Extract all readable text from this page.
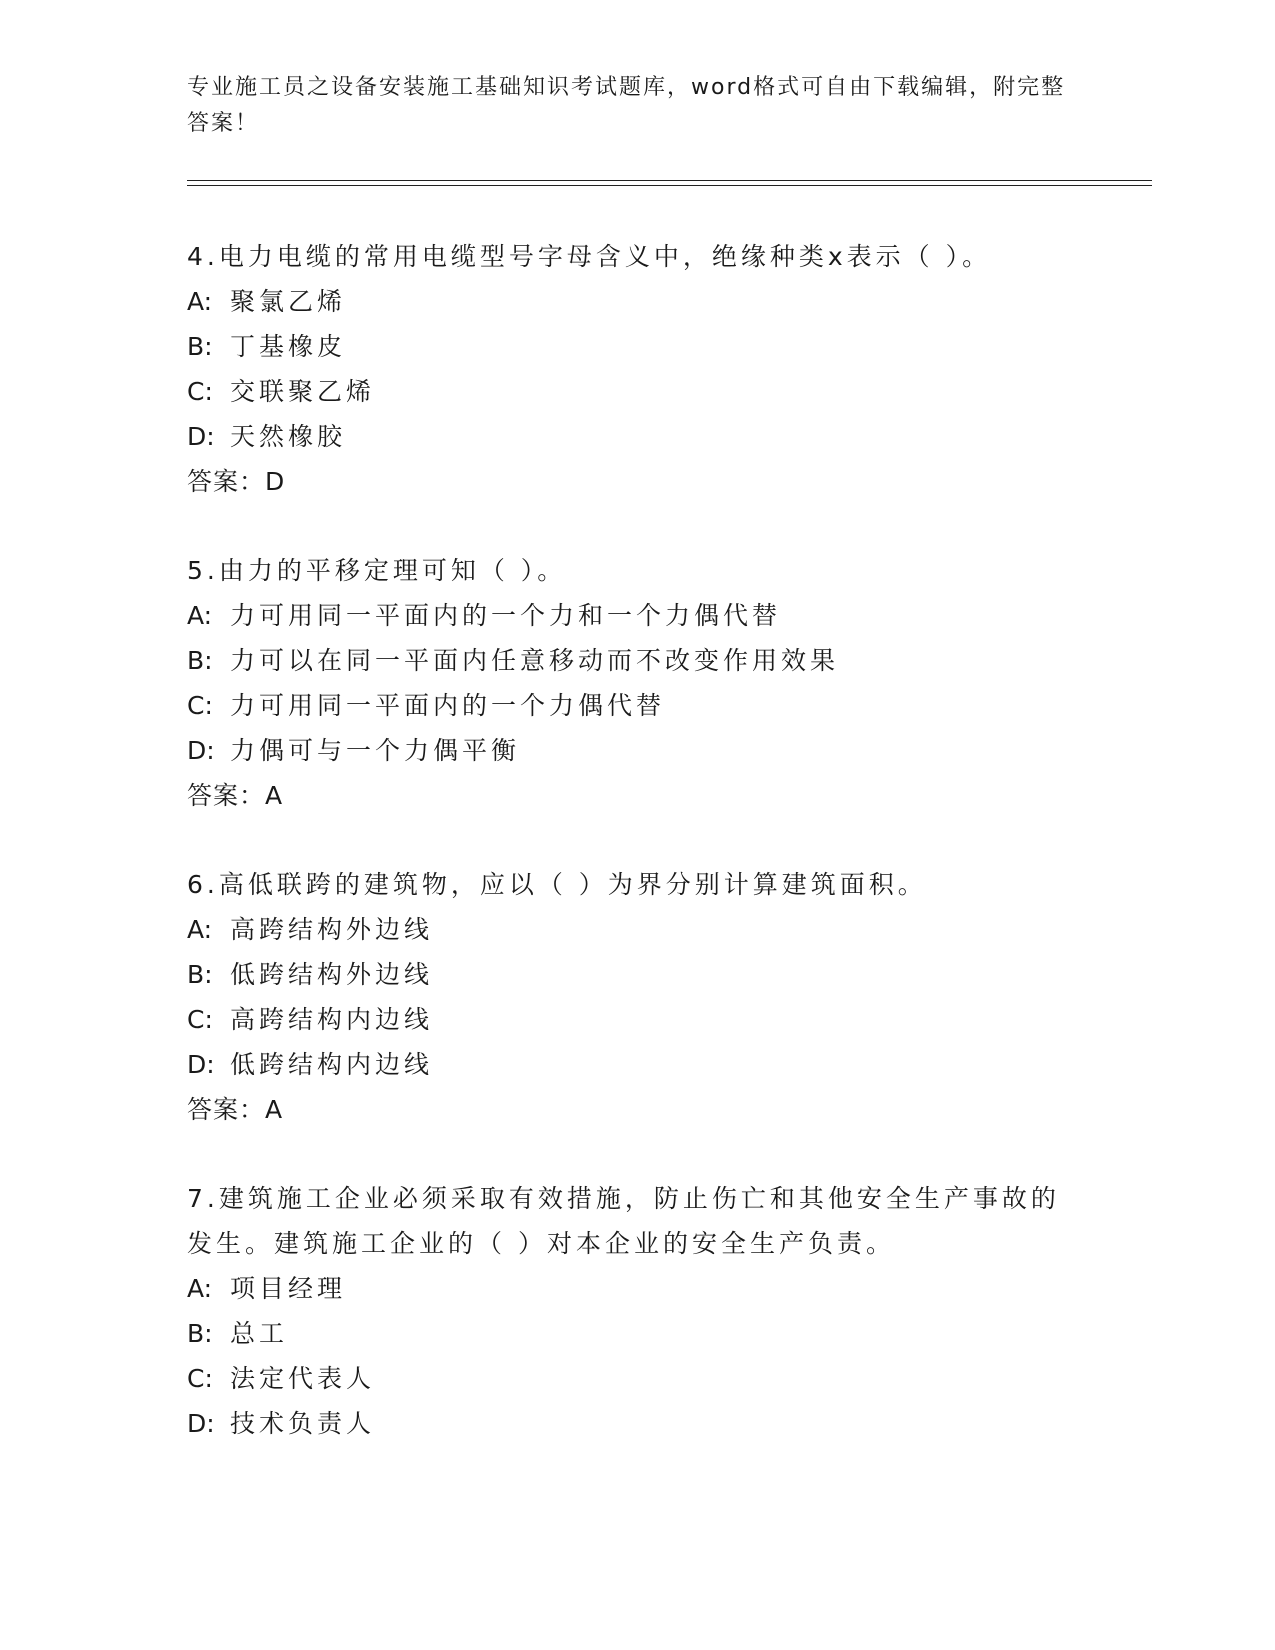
专业施工员之设备安装施工基础知识考试题库，word格式可自由下载编辑，附完整答案！

4.电力电缆的常用电缆型号字母含义中，绝缘种类x表示（ ）。

A: 聚氯乙烯
B: 丁基橡皮
C: 交联聚乙烯
D: 天然橡胶

答案：D

5.由力的平移定理可知（ ）。

A: 力可用同一平面内的一个力和一个力偶代替
B: 力可以在同一平面内任意移动而不改变作用效果
C: 力可用同一平面内的一个力偶代替
D: 力偶可与一个力偶平衡

答案：A

6.高低联跨的建筑物，应以（ ）为界分别计算建筑面积。

A: 高跨结构外边线
B: 低跨结构外边线
C: 高跨结构内边线
D: 低跨结构内边线

答案：A

7.建筑施工企业必须采取有效措施，防止伤亡和其他安全生产事故的发生。建筑施工企业的（ ）对本企业的安全生产负责。

A: 项目经理
B: 总工
C: 法定代表人
D: 技术负责人
